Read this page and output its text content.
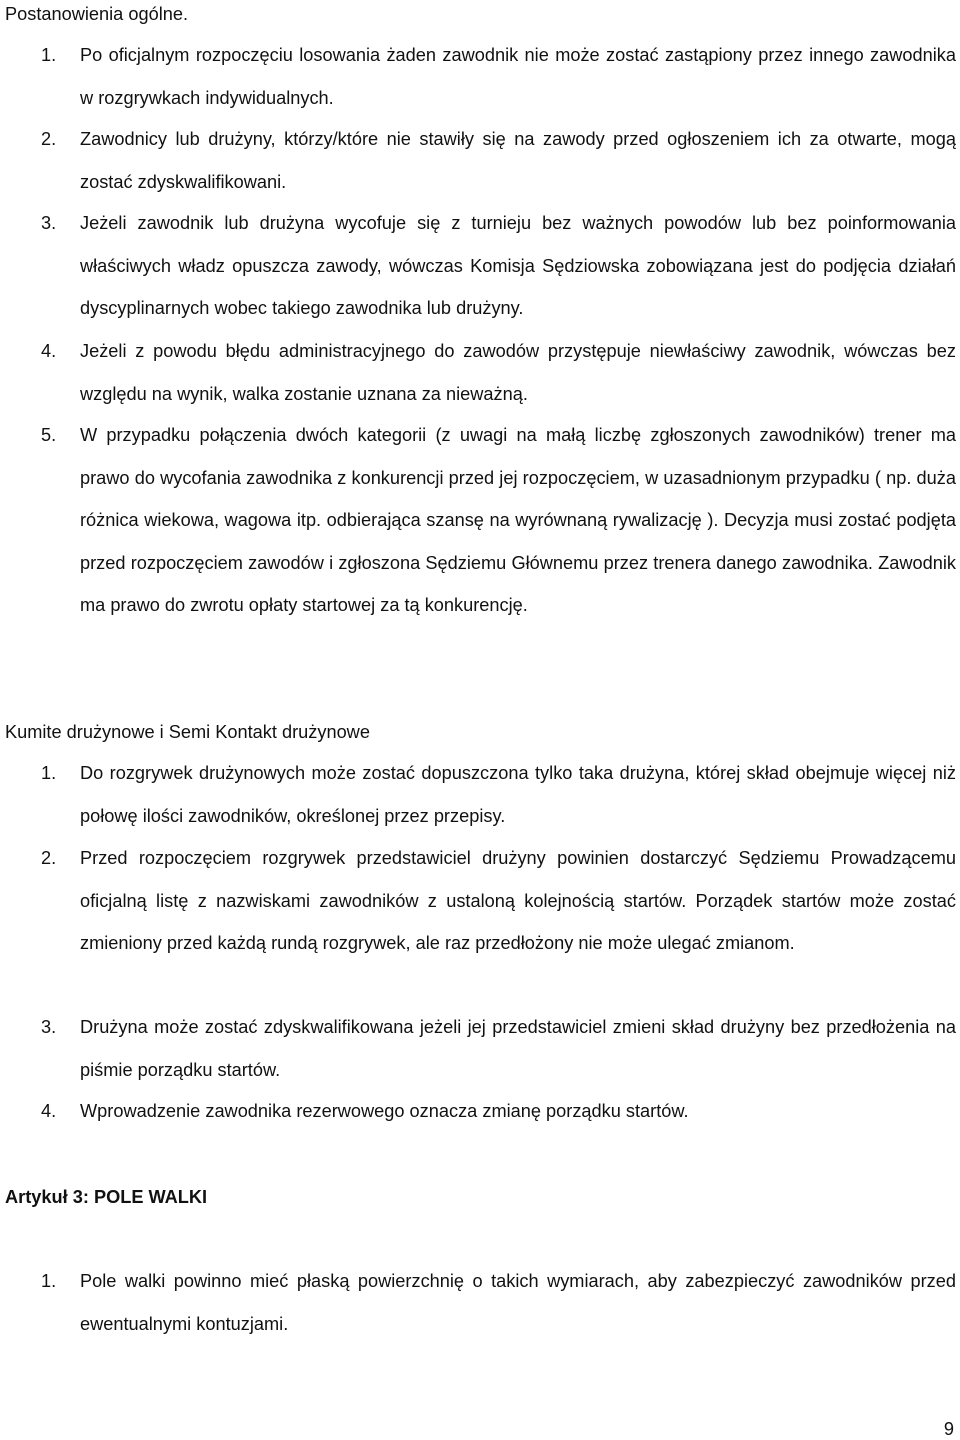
Postanowienia ogólne.
1. Po oficjalnym rozpoczęciu losowania żaden zawodnik nie może zostać zastąpiony przez innego zawodnika w rozgrywkach indywidualnych.
2. Zawodnicy lub drużyny, którzy/które nie stawiły się na zawody przed ogłoszeniem ich za otwarte, mogą zostać zdyskwalifikowani.
3. Jeżeli zawodnik lub drużyna wycofuje się z turnieju bez ważnych powodów lub bez poinformowania właściwych władz opuszcza zawody, wówczas Komisja Sędziowska zobowiązana jest do podjęcia działań dyscyplinarnych wobec takiego zawodnika lub drużyny.
4. Jeżeli z powodu błędu administracyjnego do zawodów przystępuje niewłaściwy zawodnik, wówczas bez względu na wynik, walka zostanie uznana za nieważną.
5. W przypadku połączenia dwóch kategorii (z uwagi na małą liczbę zgłoszonych zawodników) trener ma prawo do wycofania zawodnika z konkurencji przed jej rozpoczęciem, w uzasadnionym przypadku ( np. duża różnica wiekowa, wagowa itp. odbierająca szansę na wyrównaną rywalizację ). Decyzja musi zostać podjęta przed rozpoczęciem zawodów i zgłoszona Sędziemu Głównemu przez trenera danego zawodnika. Zawodnik ma prawo do zwrotu opłaty startowej za tą konkurencję.
Kumite drużynowe i Semi Kontakt drużynowe
1. Do rozgrywek drużynowych może zostać dopuszczona tylko taka drużyna, której skład obejmuje więcej niż połowę ilości zawodników, określonej przez przepisy.
2. Przed rozpoczęciem rozgrywek przedstawiciel drużyny powinien dostarczyć Sędziemu Prowadzącemu oficjalną listę z nazwiskami zawodników z ustaloną kolejnością startów. Porządek startów może zostać zmieniony przed każdą rundą rozgrywek, ale raz przedłożony nie może ulegać zmianom.
3. Drużyna może zostać zdyskwalifikowana jeżeli jej przedstawiciel zmieni skład drużyny bez przedłożenia na piśmie porządku startów.
4. Wprowadzenie zawodnika rezerwowego oznacza zmianę porządku startów.
Artykuł 3: POLE WALKI
1. Pole walki powinno mieć płaską powierzchnię o takich wymiarach, aby zabezpieczyć zawodników przed ewentualnymi kontuzjami.
9
